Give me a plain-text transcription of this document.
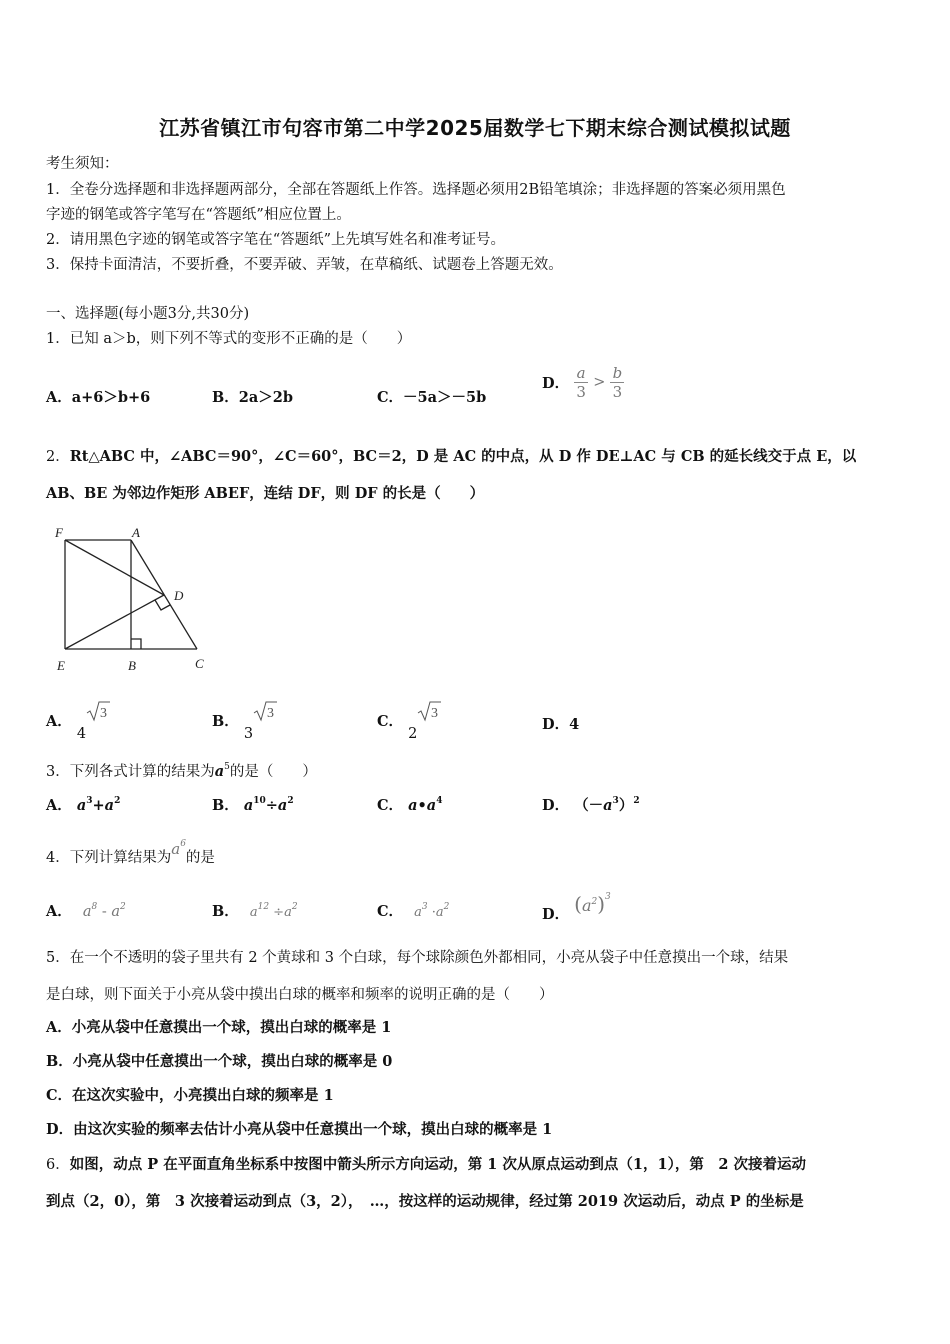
江苏省镇江市句容市第二中学2025届数学七下期末综合测试模拟试题
考生须知：
1．全卷分选择题和非选择题两部分，全部在答题纸上作答。选择题必须用2B铅笔填涂；非选择题的答案必须用黑色
字迹的钢笔或答字笔写在“答题纸”相应位置上。
2．请用黑色字迹的钢笔或答字笔在“答题纸”上先填写姓名和准考证号。
3．保持卡面清洁，不要折叠，不要弄破、弄皱，在草稿纸、试题卷上答题无效。
一、选择题(每小题3分,共30分)
1．已知 a＞b，则下列不等式的变形不正确的是（　　）
A．a+6＞b+6	B．2a＞2b	C．－5a＞－5b
D． $\frac{a}{3} > \frac{b}{3}$
2．Rt△ABC 中，∠ABC＝90°，∠C＝60°，BC＝2，D 是 AC 的中点，从 D 作 DE⊥AC 与 CB 的延长线交于点 E，以
AB、BE 为邻边作矩形 ABEF，连结 DF，则 DF 的长是（　　）
F	A
D
E	B	C
A． 4
3	B． 3
3	C． 2
3
D．4
3．下列各式计算的结果为$a^5$的是（　　）
A． $a^3+a^2$	B． $a^{10}\div a^2$	C． $a•a^4$	D． $(-a^3)^2$
4．下列计算结果为$a^6$的是
A． $a^8 - a^2$	B． $a^{12} \div a^2$	C． $a^3 \cdot a^2$	D． $(a^2)^3$
5．在一个不透明的袋子里共有 2 个黄球和 3 个白球，每个球除颜色外都相同，小亮从袋子中任意摸出一个球，结果
是白球，则下面关于小亮从袋中摸出白球的概率和频率的说明正确的是（　　）
A．小亮从袋中任意摸出一个球，摸出白球的概率是 1
B．小亮从袋中任意摸出一个球，摸出白球的概率是 0
C．在这次实验中，小亮摸出白球的频率是 1
D．由这次实验的频率去估计小亮从袋中任意摸出一个球，摸出白球的概率是 1
6．如图，动点 P 在平面直角坐标系中按图中箭头所示方向运动，第 1 次从原点运动到点（1，1），第　2 次接着运动
到点（2，0），第　3 次接着运动到点（3，2），　…，按这样的运动规律，经过第 2019 次运动后，动点 P 的坐标是
